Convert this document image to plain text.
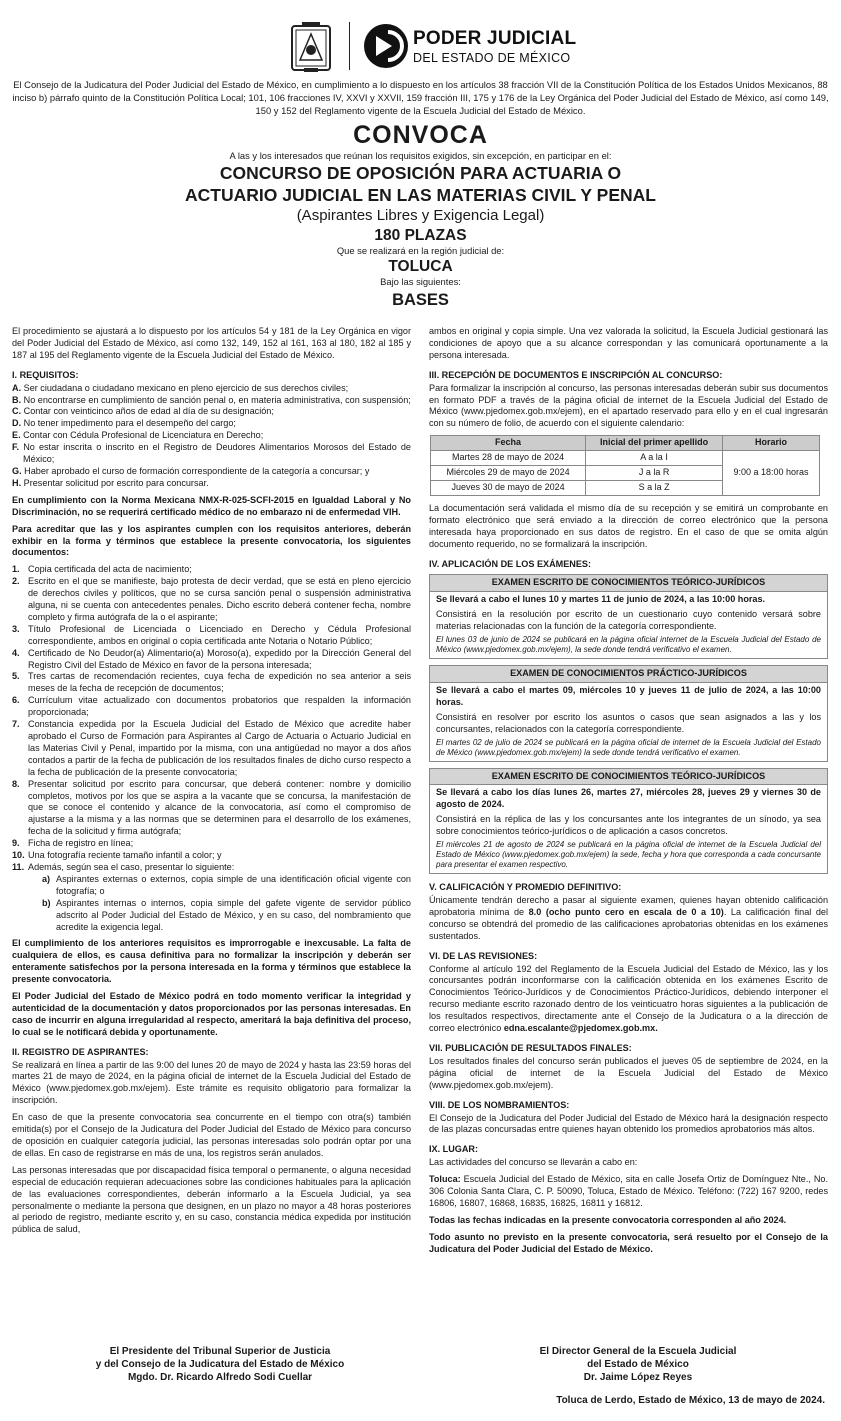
PODER JUDICIAL
DEL ESTADO DE MÉXICO
El Consejo de la Judicatura del Poder Judicial del Estado de México, en cumplimiento a lo dispuesto en los artículos 38 fracción VII de la Constitución Política de los Estados Unidos Mexicanos, 88 inciso b) párrafo quinto de la Constitución Política Local; 101, 106 fracciones IV, XXVI y XXVII, 159 fracción III, 175 y 176 de la Ley Orgánica del Poder Judicial del Estado de México, así como 149, 150 y 152 del Reglamento vigente de la Escuela Judicial del Estado de México.
CONVOCA
A las y los interesados que reúnan los requisitos exigidos, sin excepción, en participar en el:
CONCURSO DE OPOSICIÓN PARA ACTUARIA O
ACTUARIO JUDICIAL EN LAS MATERIAS CIVIL Y PENAL
(Aspirantes Libres y Exigencia Legal)
180 PLAZAS
Que se realizará en la región judicial de:
TOLUCA
Bajo las siguientes:
BASES

El procedimiento se ajustará a lo dispuesto por los artículos 54 y 181 de la Ley Orgánica en vigor del Poder Judicial del Estado de México, así como 132, 149, 152 al 161, 163 al 180, 182 al 185 y 187 al 195 del Reglamento vigente de la Escuela Judicial del Estado de México.

I. REQUISITOS:
A. Ser ciudadana o ciudadano mexicano en pleno ejercicio de sus derechos civiles;
B. No encontrarse en cumplimiento de sanción penal o, en materia administrativa, con suspensión;
C. Contar con veinticinco años de edad al día de su designación;
D. No tener impedimento para el desempeño del cargo;
E. Contar con Cédula Profesional de Licenciatura en Derecho;
F. No estar inscrita o inscrito en el Registro de Deudores Alimentarios Morosos del Estado de México;
G. Haber aprobado el curso de formación correspondiente de la categoría a concursar; y
H. Presentar solicitud por escrito para concursar.

En cumplimiento con la Norma Mexicana NMX-R-025-SCFI-2015 en Igualdad Laboral y No Discriminación, no se requerirá certificado médico de no embarazo ni de enfermedad VIH.

Para acreditar que las y los aspirantes cumplen con los requisitos anteriores, deberán exhibir en la forma y términos que establece la presente convocatoria, los siguientes documentos:

1. Copia certificada del acta de nacimiento;
2. Escrito en el que se manifieste, bajo protesta de decir verdad, que se está en pleno ejercicio de derechos civiles y políticos, que no se cursa sanción penal o suspensión administrativa alguna, ni se cuenta con antecedentes penales. Dicho escrito deberá contener fecha, nombre completo y firma autógrafa de la o el aspirante;
3. Título Profesional de Licenciada o Licenciado en Derecho y Cédula Profesional correspondiente, ambos en original o copia certificada ante Notaria o Notario Público;
4. Certificado de No Deudor(a) Alimentario(a) Moroso(a), expedido por la Dirección General del Registro Civil del Estado de México en favor de la persona interesada;
5. Tres cartas de recomendación recientes, cuya fecha de expedición no sea anterior a seis meses de la fecha de recepción de documentos;
6. Currículum vitae actualizado con documentos probatorios que respalden la información proporcionada;
7. Constancia expedida por la Escuela Judicial del Estado de México que acredite haber aprobado el Curso de Formación para Aspirantes al Cargo de Actuaria o Actuario Judicial en las Materias Civil y Penal, impartido por la misma, con una antigüedad no mayor a dos años contados a partir de la fecha de publicación de los resultados finales de dicho curso respecto a la fecha de publicación de la presente convocatoria;
8. Presentar solicitud por escrito para concursar, que deberá contener: nombre y domicilio completos, motivos por los que se aspira a la vacante que se concursa, la manifestación de que se conoce el contenido y alcance de la convocatoria, así como el compromiso de ajustarse a la misma y a las normas que se determinen para el desarrollo de los exámenes, fecha de la solicitud y firma autógrafa;
9. Ficha de registro en línea;
10. Una fotografía reciente tamaño infantil a color; y
11. Además, según sea el caso, presentar lo siguiente:
a) Aspirantes externas o externos, copia simple de una identificación oficial vigente con fotografía; o
b) Aspirantes internas o internos, copia simple del gafete vigente de servidor público adscrito al Poder Judicial del Estado de México, y en su caso, del nombramiento que acredite la exigencia legal.

El cumplimiento de los anteriores requisitos es improrrogable e inexcusable. La falta de cualquiera de ellos, es causa definitiva para no formalizar la inscripción y deberán ser enteramente satisfechos por la persona interesada en la forma y términos que establece la presente convocatoria.

El Poder Judicial del Estado de México podrá en todo momento verificar la integridad y autenticidad de la documentación y datos proporcionados por las personas interesadas. En caso de incurrir en alguna irregularidad al respecto, ameritará la baja definitiva del proceso, lo cual se le notificará debida y oportunamente.

II. REGISTRO DE ASPIRANTES:

Se realizará en línea a partir de las 9:00 del lunes 20 de mayo de 2024 y hasta las 23:59 horas del martes 21 de mayo de 2024, en la página oficial de internet de la Escuela Judicial del Estado de México (www.pjedomex.gob.mx/ejem). Este trámite es requisito obligatorio para formalizar la inscripción.

En caso de que la presente convocatoria sea concurrente en el tiempo con otra(s) también emitida(s) por el Consejo de la Judicatura del Poder Judicial del Estado de México para concurso de oposición en cualquier categoría judicial, las personas interesadas solo podrán optar por una de ellas. En caso de registrarse en más de una, los registros serán anulados.

Las personas interesadas que por discapacidad física temporal o permanente, o alguna necesidad especial de educación requieran adecuaciones sobre las condiciones habituales para la aplicación de las evaluaciones correspondientes, deberán informarlo a la Escuela Judicial, ya sea personalmente o mediante la persona que designen, en un plazo no mayor a 48 horas posteriores al periodo de registro, mediante escrito y, en su caso, constancia médica expedida por institución pública de salud,

ambos en original y copia simple. Una vez valorada la solicitud, la Escuela Judicial gestionará las condiciones de apoyo que a su alcance correspondan y las comunicará oportunamente a la persona interesada.

III. RECEPCIÓN DE DOCUMENTOS E INSCRIPCIÓN AL CONCURSO:

Para formalizar la inscripción al concurso, las personas interesadas deberán subir sus documentos en formato PDF a través de la página oficial de internet de la Escuela Judicial del Estado de México (www.pjedomex.gob.mx/ejem), en el apartado reservado para ello y en el cual ingresarán con su número de folio, de acuerdo con el siguiente calendario:

Fecha	Inicial del primer apellido	Horario
Martes 28 de mayo de 2024	A a la I	9:00 a 18:00 horas
Miércoles 29 de mayo de 2024	J a la R	
Jueves 30 de mayo de 2024	S a la Z	

La documentación será validada el mismo día de su recepción y se emitirá un comprobante en formato electrónico que será enviado a la dirección de correo electrónico que la persona interesada haya proporcionado en sus datos de registro. En el caso de que se omita algún documento requerido, no se formalizará la inscripción.

IV. APLICACIÓN DE LOS EXÁMENES:
EXAMEN ESCRITO DE CONOCIMIENTOS TEÓRICO-JURÍDICOS
Se llevará a cabo el lunes 10 y martes 11 de junio de 2024, a las 10:00 horas.
Consistirá en la resolución por escrito de un cuestionario cuyo contenido versará sobre materias relacionadas con la función de la categoría correspondiente.
El lunes 03 de junio de 2024 se publicará en la página oficial internet de la Escuela Judicial del Estado de México (www.pjedomex.gob.mx/ejem), la sede donde tendrá verificativo el examen.
EXAMEN DE CONOCIMIENTOS PRÁCTICO-JURÍDICOS
Se llevará a cabo el martes 09, miércoles 10 y jueves 11 de julio de 2024, a las 10:00 horas.
Consistirá en resolver por escrito los asuntos o casos que sean asignados a las y los concursantes, relacionados con la categoría correspondiente.
El martes 02 de julio de 2024 se publicará en la página oficial de internet de la Escuela Judicial del Estado de México (www.pjedomex.gob.mx/ejem) la sede donde tendrá verificativo el examen.
EXAMEN ESCRITO DE CONOCIMIENTOS TEÓRICO-JURÍDICOS
Se llevará a cabo los días lunes 26, martes 27, miércoles 28, jueves 29 y viernes 30 de agosto de 2024.
Consistirá en la réplica de las y los concursantes ante los integrantes de un sínodo, ya sea sobre conocimientos teórico-jurídicos o de aplicación a casos concretos.
El miércoles 21 de agosto de 2024 se publicará en la página oficial de internet de la Escuela Judicial del Estado de México (www.pjedomex.gob.mx/ejem) la sede, fecha y hora que corresponda a cada concursante para presentar el examen respectivo.
V. CALIFICACIÓN Y PROMEDIO DEFINITIVO:

Únicamente tendrán derecho a pasar al siguiente examen, quienes hayan obtenido calificación aprobatoria mínima de 8.0 (ocho punto cero en escala de 0 a 10). La calificación final del concurso se obtendrá del promedio de las calificaciones aprobatorias obtenidas en los exámenes sustentados.

VI. DE LAS REVISIONES:

Conforme al artículo 192 del Reglamento de la Escuela Judicial del Estado de México, las y los concursantes podrán inconformarse con la calificación obtenida en los exámenes Escrito de Conocimientos Teórico-Jurídicos y de Conocimientos Práctico-Jurídicos, debiendo interponer el recurso mediante escrito razonado dentro de los veinticuatro horas siguientes a la publicación de los resultados respectivos, directamente ante el Consejo de la Judicatura o a la dirección de correo electrónico edna.escalante@pjedomex.gob.mx.

VII. PUBLICACIÓN DE RESULTADOS FINALES:

Los resultados finales del concurso serán publicados el jueves 05 de septiembre de 2024, en la página oficial de internet de la Escuela Judicial del Estado de México (www.pjedomex.gob.mx/ejem).

VIII. DE LOS NOMBRAMIENTOS:

El Consejo de la Judicatura del Poder Judicial del Estado de México hará la designación respecto de las plazas concursadas entre quienes hayan obtenido los promedios aprobatorios más altos.

IX. LUGAR:

Las actividades del concurso se llevarán a cabo en:

Toluca: Escuela Judicial del Estado de México, sita en calle Josefa Ortiz de Domínguez Nte., No. 306 Colonia Santa Clara, C. P. 50090, Toluca, Estado de México. Teléfono: (722) 167 9200, redes 16806, 16807, 16868, 16835, 16825, 16811 y 16812.

Todas las fechas indicadas en la presente convocatoria corresponden al año 2024.

Todo asunto no previsto en la presente convocatoria, será resuelto por el Consejo de la Judicatura del Poder Judicial del Estado de México.

El Presidente del Tribunal Superior de Justicia
y del Consejo de la Judicatura del Estado de México
Mgdo. Dr. Ricardo Alfredo Sodi Cuellar
El Director General de la Escuela Judicial
del Estado de México
Dr. Jaime López Reyes
Toluca de Lerdo, Estado de México, 13 de mayo de 2024.
